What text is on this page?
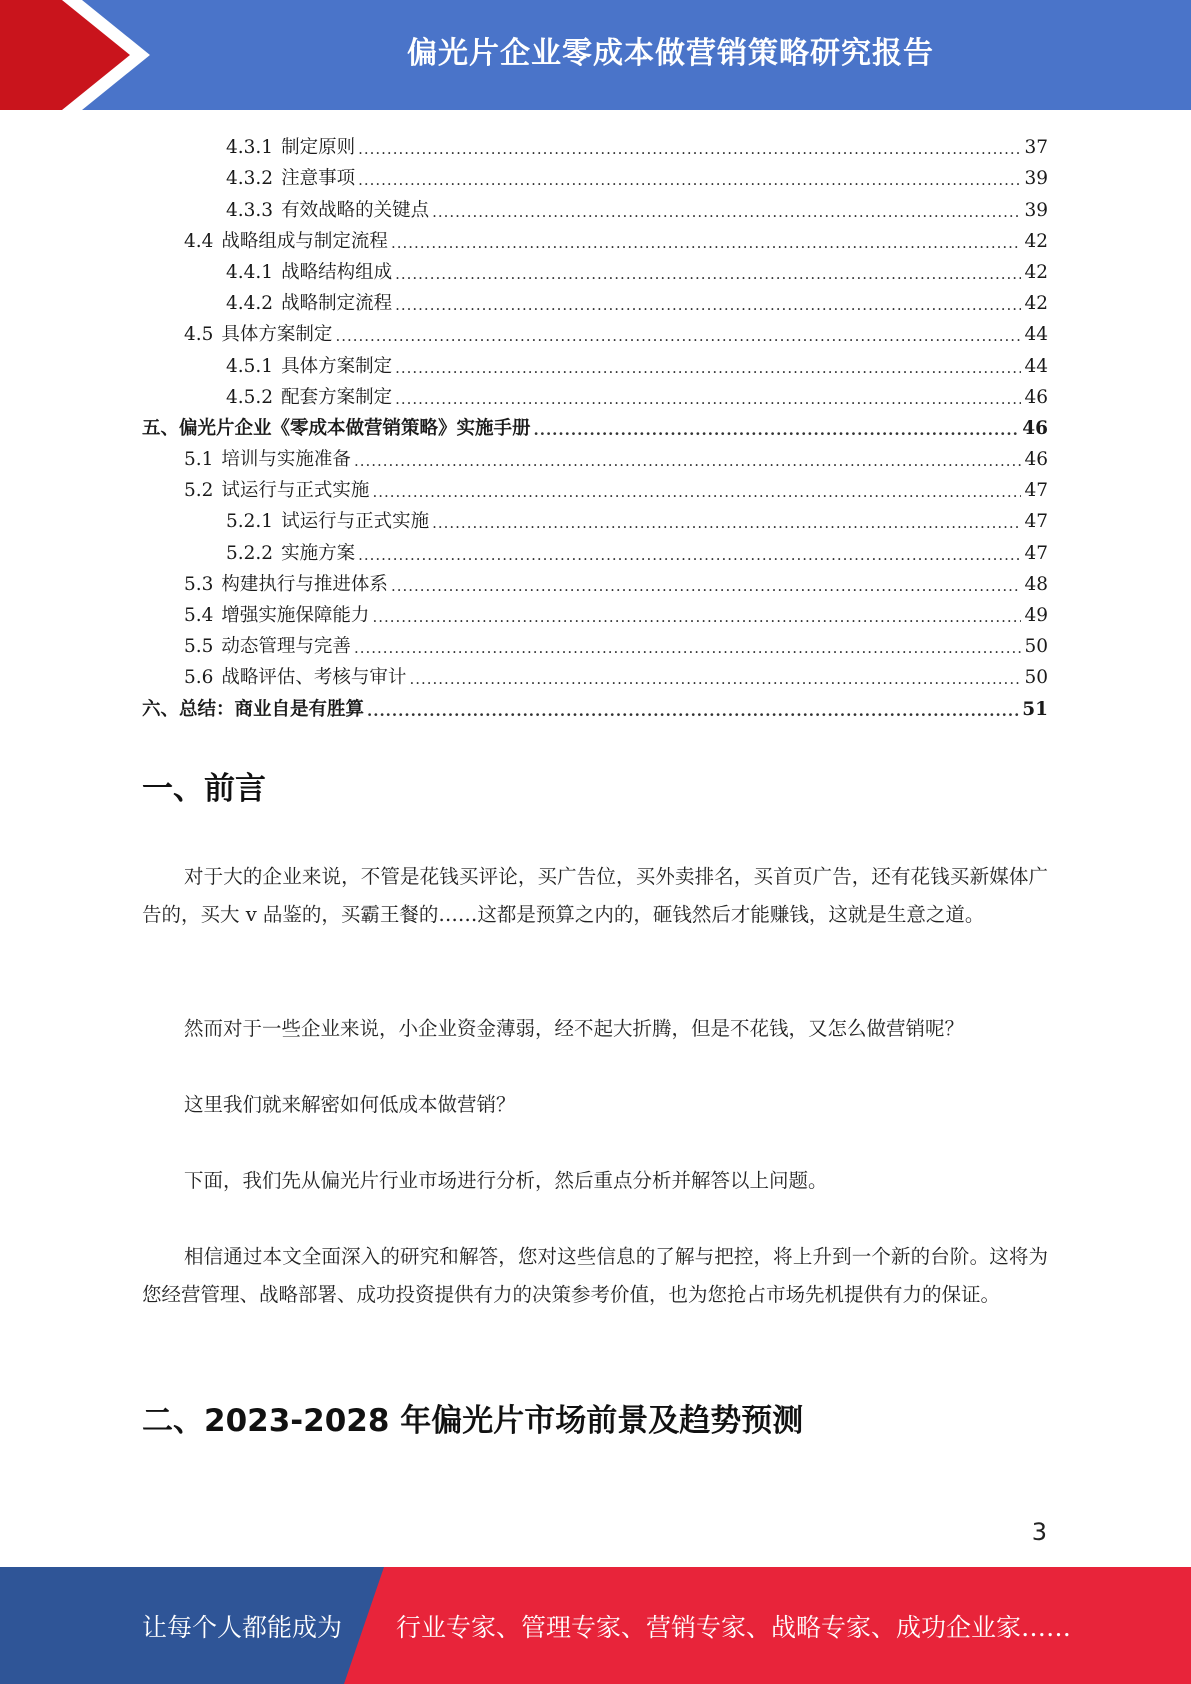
偏光片企业零成本做营销策略研究报告
4.3.1 制定原则 .....	37
4.3.2 注意事项 .....	39
4.3.3 有效战略的关键点 .....	39
4.4 战略组成与制定流程 .....	42
4.4.1 战略结构组成 .....	42
4.4.2 战略制定流程 .....	42
4.5 具体方案制定 .....	44
4.5.1 具体方案制定 .....	44
4.5.2 配套方案制定 .....	46
五、偏光片企业《零成本做营销策略》实施手册 .....	46
5.1 培训与实施准备 .....	46
5.2 试运行与正式实施 .....	47
5.2.1 试运行与正式实施 .....	47
5.2.2 实施方案 .....	47
5.3 构建执行与推进体系 .....	48
5.4 增强实施保障能力 .....	49
5.5 动态管理与完善 .....	50
5.6 战略评估、考核与审计 .....	50
六、总结：商业自是有胜算 .....	51
一、前言
对于大的企业来说，不管是花钱买评论，买广告位，买外卖排名，买首页广告，还有花钱买新媒体广告的，买大 v 品鉴的，买霸王餐的……这都是预算之内的，砸钱然后才能赚钱，这就是生意之道。
然而对于一些企业来说，小企业资金薄弱，经不起大折腾，但是不花钱，又怎么做营销呢？
这里我们就来解密如何低成本做营销？
下面，我们先从偏光片行业市场进行分析，然后重点分析并解答以上问题。
相信通过本文全面深入的研究和解答，您对这些信息的了解与把控，将上升到一个新的台阶。这将为您经营管理、战略部署、成功投资提供有力的决策参考价值，也为您抢占市场先机提供有力的保证。
二、2023-2028 年偏光片市场前景及趋势预测
3
让每个人都能成为 行业专家、管理专家、营销专家、战略专家、成功企业家……
